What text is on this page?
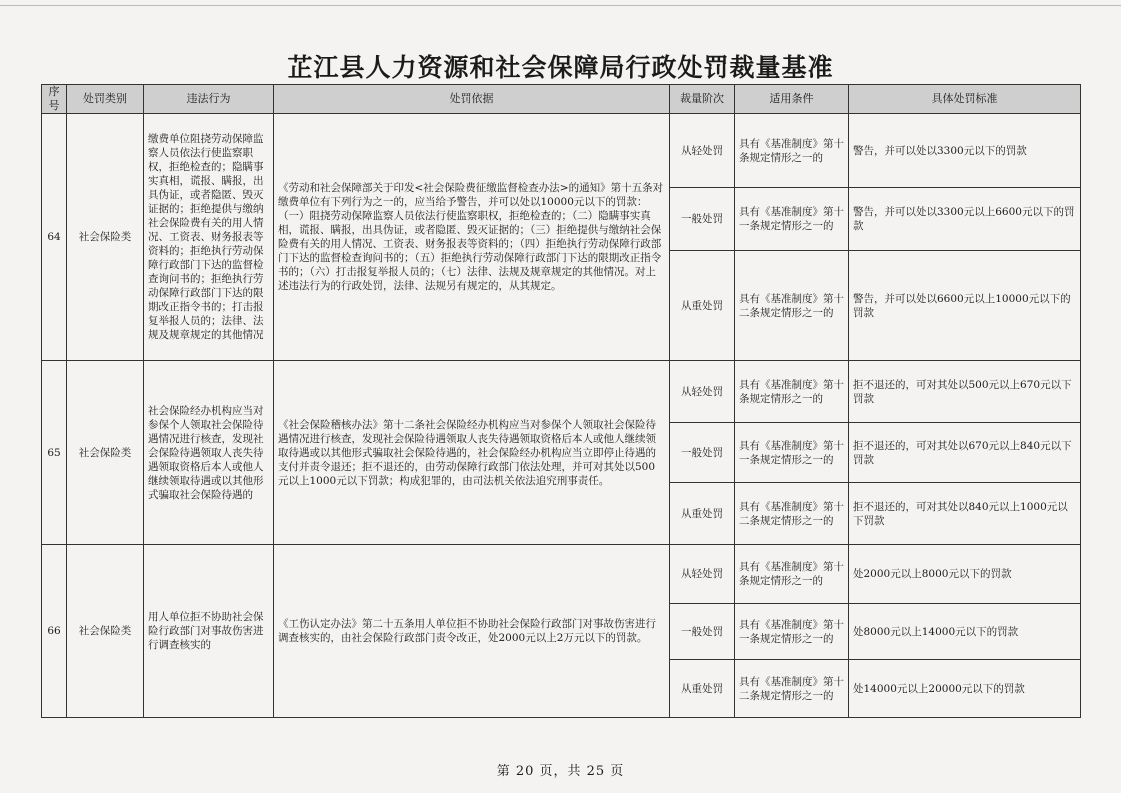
芷江县人力资源和社会保障局行政处罚裁量基准
序号	处罚类别	违法行为	处罚依据	裁量阶次	适用条件	具体处罚标准
64	社会保险类	缴费单位阻挠劳动保障监察人员依法行使监察职权，拒绝检查的；隐瞒事实真相，谎报、瞒报，出具伪证，或者隐匿、毁灭证据的；拒绝提供与缴纳社会保险费有关的用人情况、工资表、财务报表等资料的；拒绝执行劳动保障行政部门下达的监督检查询问书的；拒绝执行劳动保障行政部门下达的限期改正指令书的；打击报复举报人员的；法律、法规及规章规定的其他情况	《劳动和社会保障部关于印发<社会保险费征缴监督检查办法>的通知》第十五条对缴费单位有下列行为之一的，应当给予警告，并可以处以10000元以下的罚款：（一）阻挠劳动保障监察人员依法行使监察职权，拒绝检查的；（二）隐瞒事实真相，谎报、瞒报，出具伪证，或者隐匿、毁灭证据的；（三）拒绝提供与缴纳社会保险费有关的用人情况、工资表、财务报表等资料的；（四）拒绝执行劳动保障行政部门下达的监督检查询问书的；（五）拒绝执行劳动保障行政部门下达的限期改正指令书的；（六）打击报复举报人员的；（七）法律、法规及规章规定的其他情况。对上述违法行为的行政处罚，法律、法规另有规定的，从其规定。	从轻处罚	具有《基准制度》第十条规定情形之一的	警告，并可以处以3300元以下的罚款
				一般处罚	具有《基准制度》第十一条规定情形之一的	警告，并可以处以3300元以上6600元以下的罚款
				从重处罚	具有《基准制度》第十二条规定情形之一的	警告，并可以处以6600元以上10000元以下的罚款
65	社会保险类	社会保险经办机构应当对参保个人领取社会保险待遇情况进行核查，发现社会保险待遇领取人丧失待遇领取资格后本人或他人继续领取待遇或以其他形式骗取社会保险待遇的	《社会保险稽核办法》第十二条社会保险经办机构应当对参保个人领取社会保险待遇情况进行核查，发现社会保险待遇领取人丧失待遇领取资格后本人或他人继续领取待遇或以其他形式骗取社会保险待遇的，社会保险经办机构应当立即停止待遇的支付并责令退还；拒不退还的，由劳动保障行政部门依法处理，并可对其处以500元以上1000元以下罚款；构成犯罪的，由司法机关依法追究刑事责任。	从轻处罚	具有《基准制度》第十条规定情形之一的	拒不退还的，可对其处以500元以上670元以下罚款
				一般处罚	具有《基准制度》第十一条规定情形之一的	拒不退还的，可对其处以670元以上840元以下罚款
				从重处罚	具有《基准制度》第十二条规定情形之一的	拒不退还的，可对其处以840元以上1000元以下罚款
66	社会保险类	用人单位拒不协助社会保险行政部门对事故伤害进行调查核实的	《工伤认定办法》第二十五条用人单位拒不协助社会保险行政部门对事故伤害进行调查核实的，由社会保险行政部门责令改正，处2000元以上2万元以下的罚款。	从轻处罚	具有《基准制度》第十条规定情形之一的	处2000元以上8000元以下的罚款
				一般处罚	具有《基准制度》第十一条规定情形之一的	处8000元以上14000元以下的罚款
				从重处罚	具有《基准制度》第十二条规定情形之一的	处14000元以上20000元以下的罚款
第 20 页，共 25 页
